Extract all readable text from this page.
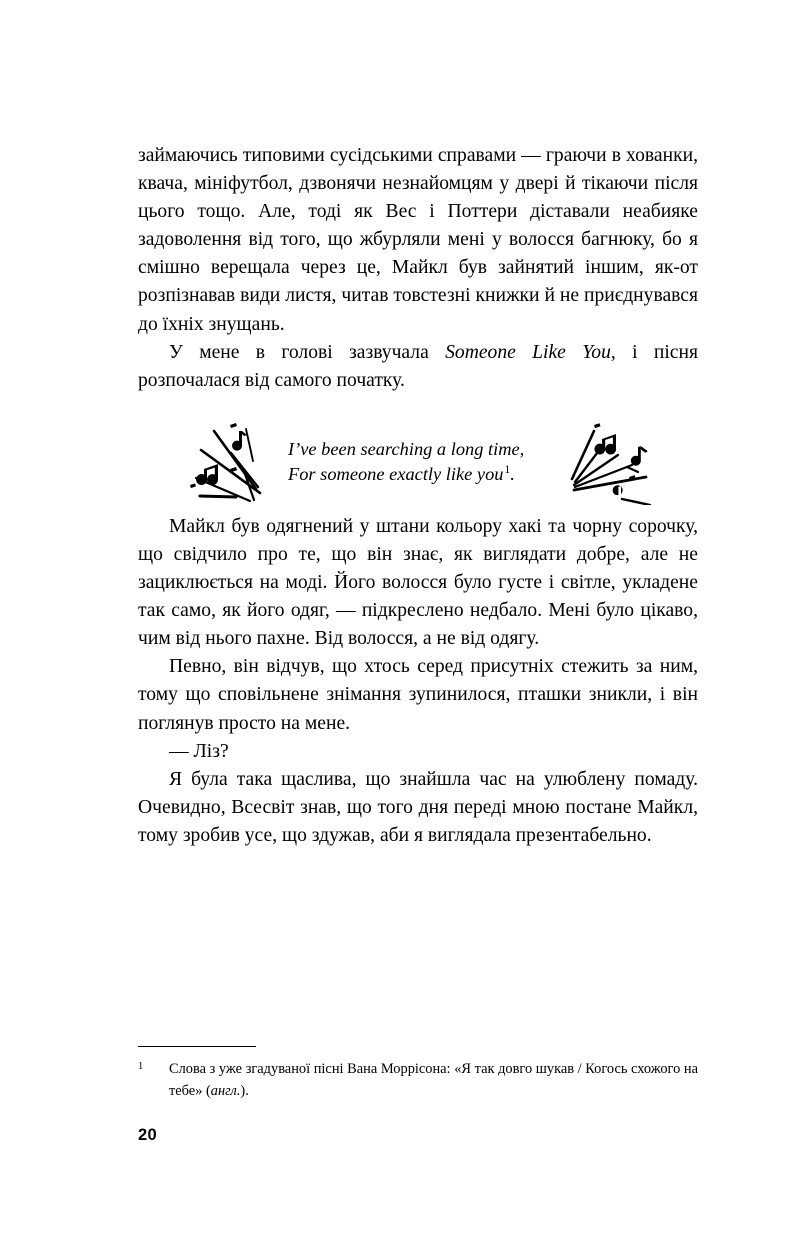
займаючись типовими сусідськими справами — граючи в хованки, квача, мініфутбол, дзвонячи незнайомцям у двері й тікаючи після цього тощо. Але, тоді як Вес і Поттери діставали неабияке задоволення від того, що жбурляли мені у волосся багнюку, бо я смішно верещала через це, Майкл був зайнятий іншим, як-от розпізнавав види листя, читав товстезні книжки й не приєднувався до їхніх знущань.

У мене в голові зазвучала Someone Like You, і пісня розпочалася від самого початку.

I’ve been searching a long time,
For someone exactly like you$^1$.

Майкл був одягнений у штани кольору хакі та чорну сорочку, що свідчило про те, що він знає, як виглядати добре, але не зациклюється на моді. Його волосся було густе і світле, укладене так само, як його одяг, — підкреслено недбало. Мені було цікаво, чим від нього пахне. Від волосся, а не від одягу.

Певно, він відчув, що хтось серед присутніх стежить за ним, тому що сповільнене знімання зупинилося, пташки зникли, і він поглянув просто на мене.

— Ліз?

Я була така щаслива, що знайшла час на улюблену помаду. Очевидно, Всесвіт знав, що того дня переді мною постане Майкл, тому зробив усе, що здужав, аби я виглядала презентабельно.

1 Слова з уже згадуваної пісні Вана Моррісона: «Я так довго шукав / Когось схожого на тебе» (англ.).
20
